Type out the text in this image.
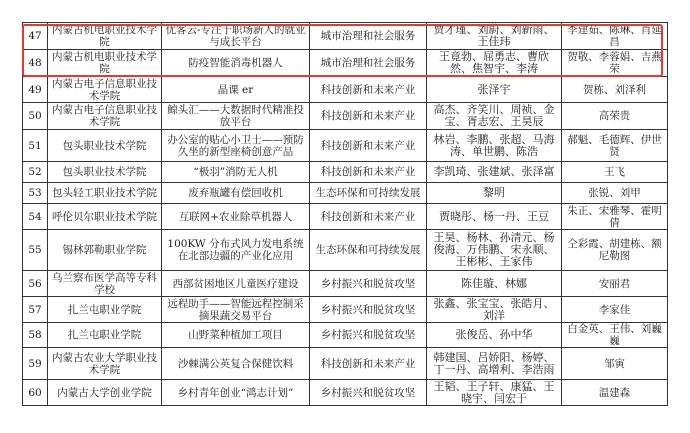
47	内蒙古机电职业技术学院	优客云-专注于职场新人的就业与成长平台	城市治理和社会服务	贾才瑾、刘蔚、刘新雨、王佳玮	李建茹、陈琳、肖延昌
48	内蒙古机电职业技术学院	防疫智能消毒机器人	城市治理和社会服务	王竟勃、屈勇志、曹欣然、焦智宇、李涛	贺敬、李蓉娟、吉燕荣
49	内蒙古电子信息职业技术学院	晶课 er	科技创新和未来产业	张泽宇	贺栋、刘泽利
50	内蒙古电子信息职业技术学院	鲸头汇——大数据时代精准投放平台	科技创新和未来产业	高杰、齐笑川、周祯、金宝、胥志宏、王昊辰	高荣贵
51	包头职业技术学院	办公室的贴心小卫士——预防久坐的新型座椅创意产品	科技创新和未来产业	林岩、李鹏、张超、马海涛、单世鹏、陈浩	郝魁、毛德辉、伊世贤
52	包头职业技术学院	“极羽”消防无人机	科技创新和未来产业	李凯琦、张建斌、张泽富	王飞
53	包头轻工职业技术学院	废弃瓶罐有偿回收机	生态环保和可持续发展	黎明	张锐、刘甲
54	呼伦贝尔职业技术学院	互联网+农业除草机器人	科技创新和未来产业	贾晓彤、杨一丹、王豆	朱正、宋雅琴、霍明倩
55	锡林郭勒职业学院	100KW 分布式风力发电系统在北部边疆的产业化应用	生态环保和可持续发展	王昊、杨林、孙清元、杨俊海、万伟鹏、宋永顺、王彬彬、王家伟	仝彩霞、胡建栋、额尼勒图
56	乌兰察布医学高等专科学校	西部贫困地区儿童医疗建设	乡村振兴和脱贫攻坚	陈佳璇、林娜	安丽君
57	扎兰屯职业学院	远程助手——智能远程控制采摘果蔬交易平台	乡村振兴和脱贫攻坚	张鑫、张宝宝、张皓月、刘洋	李家佳
58	扎兰屯职业学院	山野菜种植加工项目	乡村振兴和脱贫攻坚	张俊岳、孙中华	白金英、王伟、刘巍巍
59	内蒙古农业大学职业技术学院	沙棘满公英复合保健饮料	科技创新和未来产业	韩建国、吕娇阳、杨婷、丁一丹、高增利、李浩雨	邹寅
60	内蒙古大学创业学院	乡村青年创业“鸿志计划”	乡村振兴和脱贫攻坚	王韬、王子轩、康猛、王晓宇、闫宏于	温建森
